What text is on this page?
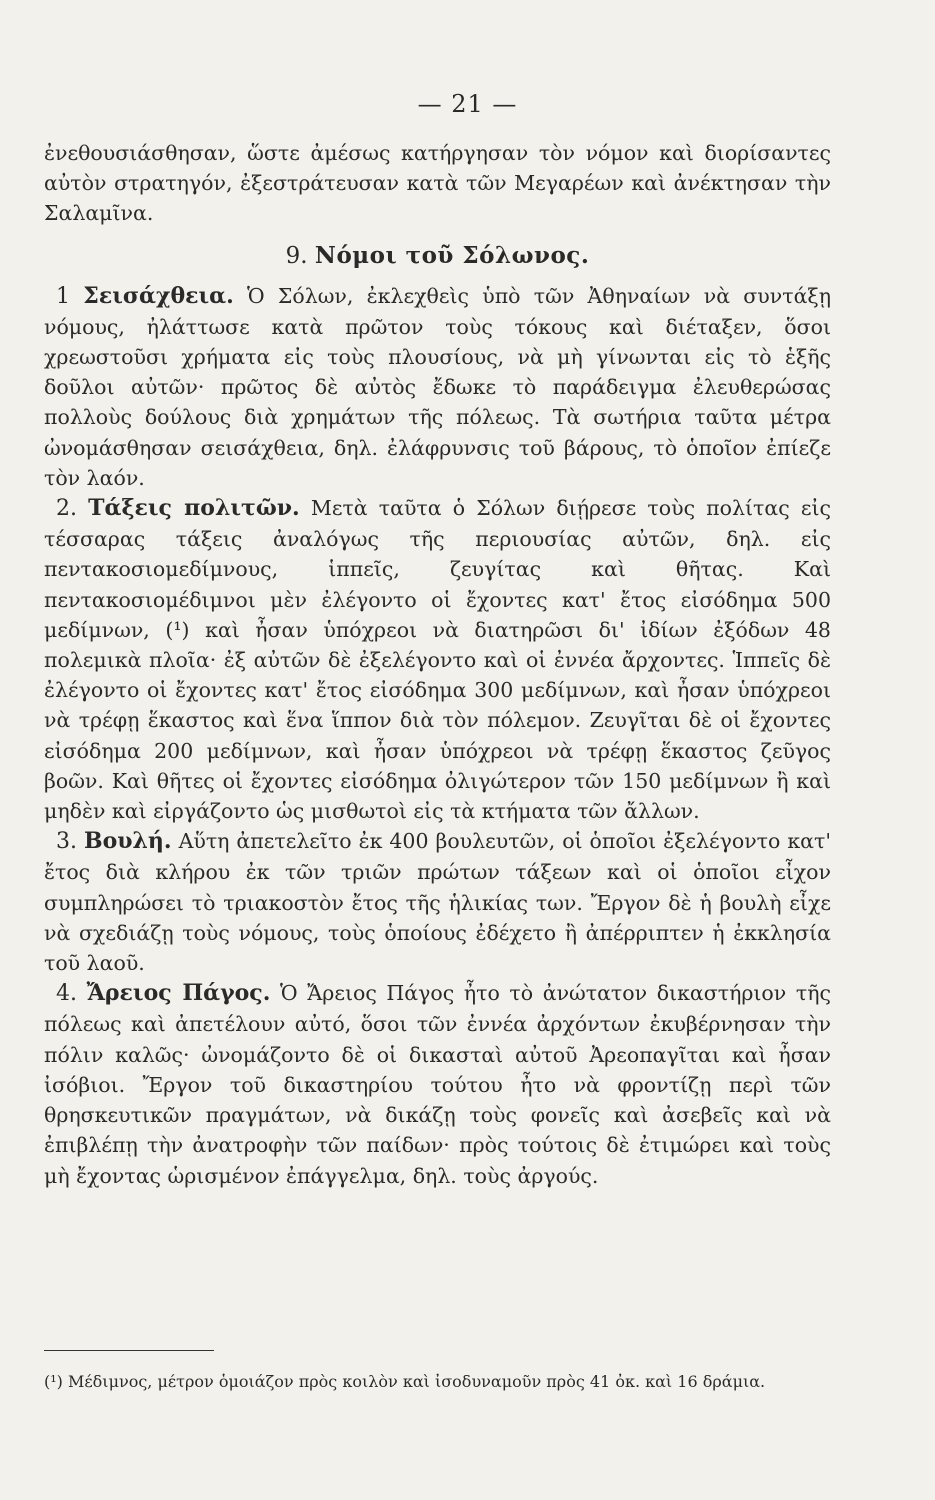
— 21 —

ἐνεθουσιάσθησαν, ὥστε ἀμέσως κατήργησαν τὸν νόμον καὶ διορίσαντες αὐτὸν στρατηγόν, ἐξεστράτευσαν κατὰ τῶν Μεγαρέων καὶ ἀνέκτησαν τὴν Σαλαμῖνα.

9. Νόμοι τοῦ Σόλωνος.

1 Σεισάχθεια. Ὁ Σόλων, ἐκλεχθεὶς ὑπὸ τῶν Ἀθηναίων νὰ συντάξῃ νόμους, ἠλάττωσε κατὰ πρῶτον τοὺς τόκους καὶ διέταξεν, ὅσοι χρεωστοῦσι χρήματα εἰς τοὺς πλουσίους, νὰ μὴ γίνωνται εἰς τὸ ἑξῆς δοῦλοι αὐτῶν· πρῶτος δὲ αὐτὸς ἔδωκε τὸ παράδειγμα ἐλευθερώσας πολλοὺς δούλους διὰ χρημάτων τῆς πόλεως. Τὰ σωτήρια ταῦτα μέτρα ὠνομάσθησαν σεισάχθεια, δηλ. ἐλάφρυνσις τοῦ βάρους, τὸ ὁποῖον ἐπίεζε τὸν λαόν.

2. Τάξεις πολιτῶν. Μετὰ ταῦτα ὁ Σόλων διῄρεσε τοὺς πολίτας εἰς τέσσαρας τάξεις ἀναλόγως τῆς περιουσίας αὐτῶν, δηλ. εἰς πεντακοσιομεδίμνους, ἱππεῖς, ζευγίτας καὶ θῆτας. Καὶ πεντακοσιομέδιμνοι μὲν ἐλέγοντο οἱ ἔχοντες κατ' ἔτος εἰσόδημα 500 μεδίμνων, (¹) καὶ ἦσαν ὑπόχρεοι νὰ διατηρῶσι δι' ἰδίων ἐξόδων 48 πολεμικὰ πλοῖα· ἐξ αὐτῶν δὲ ἐξελέγοντο καὶ οἱ ἐννέα ἄρχοντες. Ἱππεῖς δὲ ἐλέγοντο οἱ ἔχοντες κατ' ἔτος εἰσόδημα 300 μεδίμνων, καὶ ἦσαν ὑπόχρεοι νὰ τρέφῃ ἕκαστος καὶ ἕνα ἵππον διὰ τὸν πόλεμον. Ζευγῖται δὲ οἱ ἔχοντες εἰσόδημα 200 μεδίμνων, καὶ ἦσαν ὑπόχρεοι νὰ τρέφῃ ἕκαστος ζεῦγος βοῶν. Καὶ θῆτες οἱ ἔχοντες εἰσόδημα ὀλιγώτερον τῶν 150 μεδίμνων ἢ καὶ μηδὲν καὶ εἰργάζοντο ὡς μισθωτοὶ εἰς τὰ κτήματα τῶν ἄλλων.

3. Βουλή. Αὕτη ἀπετελεῖτο ἐκ 400 βουλευτῶν, οἱ ὁποῖοι ἐξελέγοντο κατ' ἔτος διὰ κλήρου ἐκ τῶν τριῶν πρώτων τάξεων καὶ οἱ ὁποῖοι εἶχον συμπληρώσει τὸ τριακοστὸν ἔτος τῆς ἡλικίας των. Ἔργον δὲ ἡ βουλὴ εἶχε νὰ σχεδιάζῃ τοὺς νόμους, τοὺς ὁποίους ἐδέχετο ἢ ἀπέρριπτεν ἡ ἐκκλησία τοῦ λαοῦ.

4. Ἄρειος Πάγος. Ὁ Ἄρειος Πάγος ἦτο τὸ ἀνώτατον δικαστήριον τῆς πόλεως καὶ ἀπετέλουν αὐτό, ὅσοι τῶν ἐννέα ἀρχόντων ἐκυβέρνησαν τὴν πόλιν καλῶς· ὠνομάζοντο δὲ οἱ δικασταὶ αὐτοῦ Ἀρεοπαγῖται καὶ ἦσαν ἰσόβιοι. Ἔργον τοῦ δικαστηρίου τούτου ἦτο νὰ φροντίζῃ περὶ τῶν θρησκευτικῶν πραγμάτων, νὰ δικάζῃ τοὺς φονεῖς καὶ ἀσεβεῖς καὶ νὰ ἐπιβλέπῃ τὴν ἀνατροφὴν τῶν παίδων· πρὸς τούτοις δὲ ἐτιμώρει καὶ τοὺς μὴ ἔχοντας ὡρισμένον ἐπάγγελμα, δηλ. τοὺς ἀργούς.

(¹) Μέδιμνος, μέτρον ὁμοιάζον πρὸς κοιλὸν καὶ ἰσοδυναμοῦν πρὸς 41 ὀκ. καὶ 16 δράμια.
